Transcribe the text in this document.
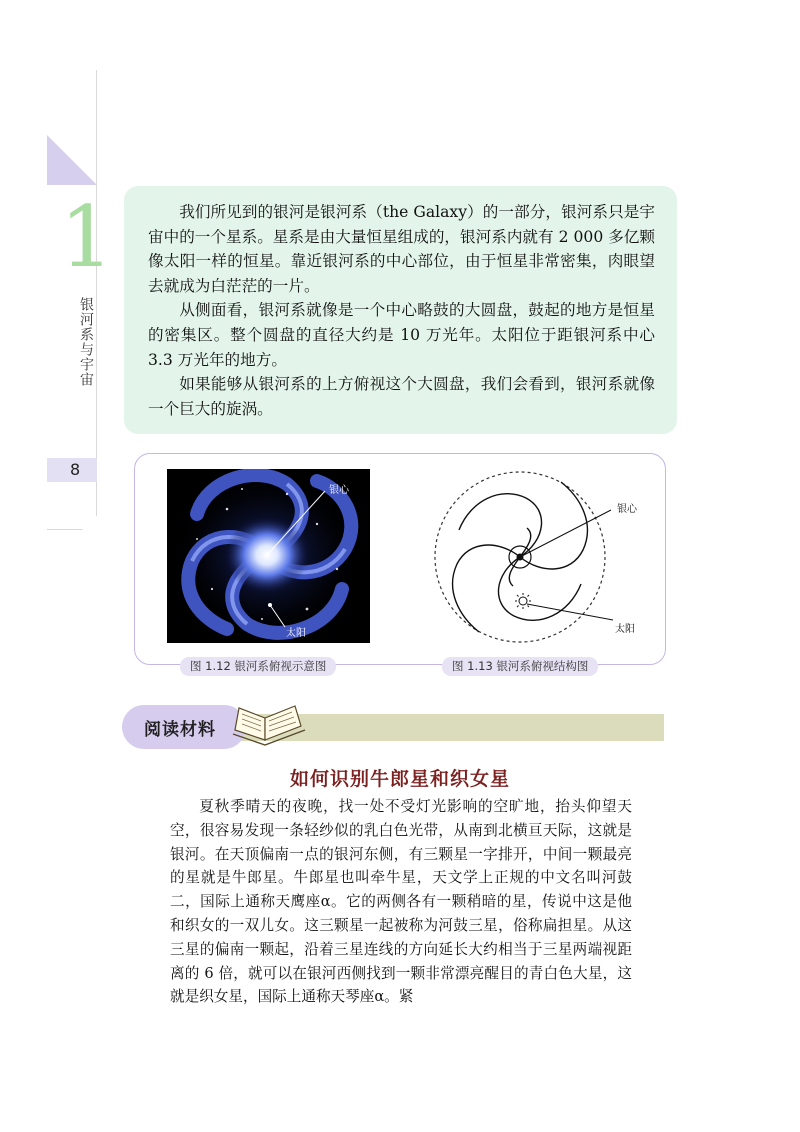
1
银河系与宇宙
8

我们所见到的银河是银河系（the Galaxy）的一部分，银河系只是宇宙中的一个星系。星系是由大量恒星组成的，银河系内就有 2 000 多亿颗像太阳一样的恒星。靠近银河系的中心部位，由于恒星非常密集，肉眼望去就成为白茫茫的一片。

从侧面看，银河系就像是一个中心略鼓的大圆盘，鼓起的地方是恒星的密集区。整个圆盘的直径大约是 10 万光年。太阳位于距银河系中心 3.3 万光年的地方。

如果能够从银河系的上方俯视这个大圆盘，我们会看到，银河系就像一个巨大的旋涡。

银心
太阳
图 1.12 银河系俯视示意图
银心
太阳
图 1.13 银河系俯视结构图
阅读材料
如何识别牛郎星和织女星

夏秋季晴天的夜晚，找一处不受灯光影响的空旷地，抬头仰望天空，很容易发现一条轻纱似的乳白色光带，从南到北横亘天际，这就是银河。在天顶偏南一点的银河东侧，有三颗星一字排开，中间一颗最亮的星就是牛郎星。牛郎星也叫牵牛星，天文学上正规的中文名叫河鼓二，国际上通称天鹰座α。它的两侧各有一颗稍暗的星，传说中这是他和织女的一双儿女。这三颗星一起被称为河鼓三星，俗称扁担星。从这三星的偏南一颗起，沿着三星连线的方向延长大约相当于三星两端视距离的 6 倍，就可以在银河西侧找到一颗非常漂亮醒目的青白色大星，这就是织女星，国际上通称天琴座α。紧
